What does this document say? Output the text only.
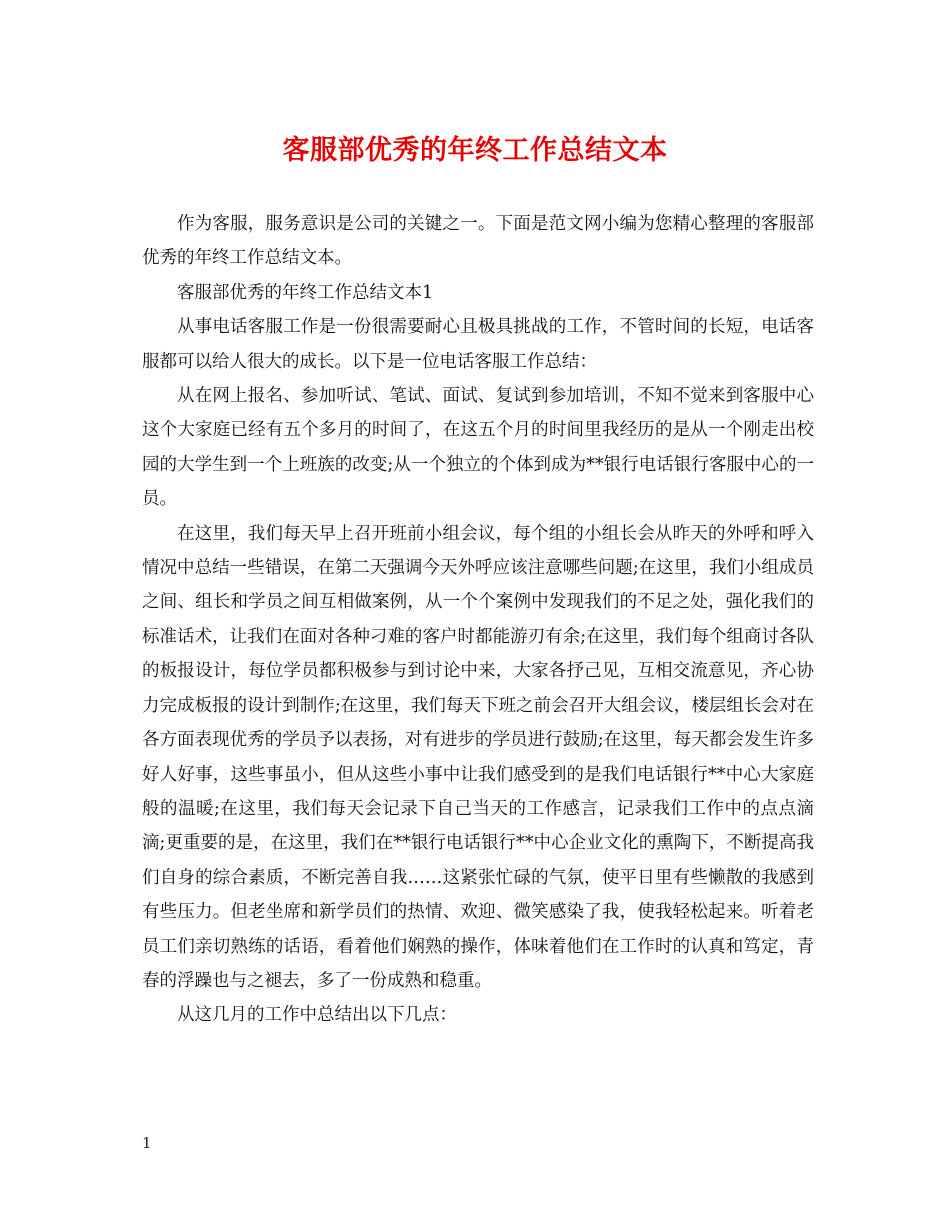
客服部优秀的年终工作总结文本

作为客服，服务意识是公司的关键之一。下面是范文网小编为您精心整理的客服部优秀的年终工作总结文本。

客服部优秀的年终工作总结文本1

从事电话客服工作是一份很需要耐心且极具挑战的工作，不管时间的长短，电话客服都可以给人很大的成长。以下是一位电话客服工作总结：

从在网上报名、参加听试、笔试、面试、复试到参加培训，不知不觉来到客服中心这个大家庭已经有五个多月的时间了，在这五个月的时间里我经历的是从一个刚走出校园的大学生到一个上班族的改变;从一个独立的个体到成为**银行电话银行客服中心的一员。

在这里，我们每天早上召开班前小组会议，每个组的小组长会从昨天的外呼和呼入情况中总结一些错误，在第二天强调今天外呼应该注意哪些问题;在这里，我们小组成员之间、组长和学员之间互相做案例，从一个个案例中发现我们的不足之处，强化我们的标准话术，让我们在面对各种刁难的客户时都能游刃有余;在这里，我们每个组商讨各队的板报设计，每位学员都积极参与到讨论中来，大家各抒己见，互相交流意见，齐心协力完成板报的设计到制作;在这里，我们每天下班之前会召开大组会议，楼层组长会对在各方面表现优秀的学员予以表扬，对有进步的学员进行鼓励;在这里，每天都会发生许多好人好事，这些事虽小，但从这些小事中让我们感受到的是我们电话银行**中心大家庭般的温暖;在这里，我们每天会记录下自己当天的工作感言，记录我们工作中的点点滴滴;更重要的是，在这里，我们在**银行电话银行**中心企业文化的熏陶下，不断提高我们自身的综合素质，不断完善自我……这紧张忙碌的气氛，使平日里有些懒散的我感到有些压力。但老坐席和新学员们的热情、欢迎、微笑感染了我，使我轻松起来。听着老员工们亲切熟练的话语，看着他们娴熟的操作，体味着他们在工作时的认真和笃定，青春的浮躁也与之褪去，多了一份成熟和稳重。

从这几月的工作中总结出以下几点：

1
